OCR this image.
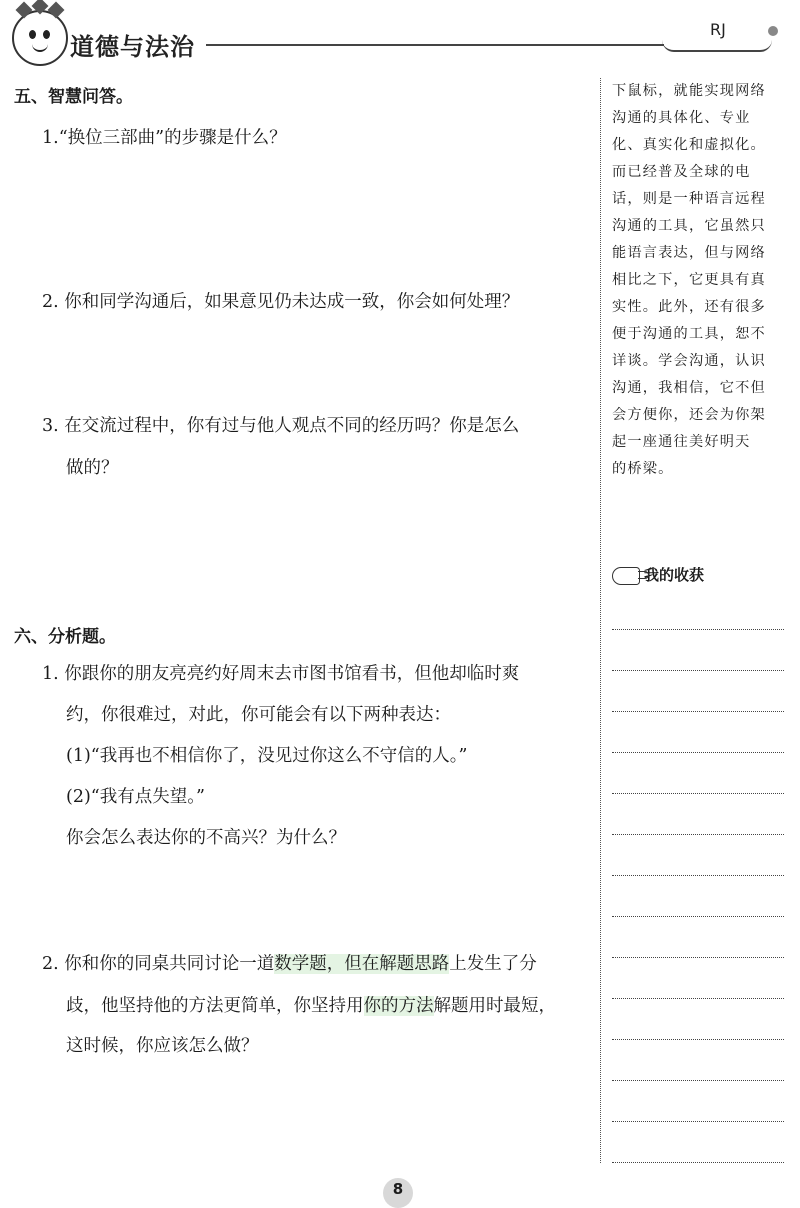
道德与法治
RJ
五、智慧问答。
1.“换位三部曲”的步骤是什么？
2. 你和同学沟通后，如果意见仍未达成一致，你会如何处理？
3. 在交流过程中，你有过与他人观点不同的经历吗？你是怎么
做的？
六、分析题。
1. 你跟你的朋友亮亮约好周末去市图书馆看书，但他却临时爽
约，你很难过，对此，你可能会有以下两种表达：
(1)“我再也不相信你了，没见过你这么不守信的人。”
(2)“我有点失望。”
你会怎么表达你的不高兴？为什么？
2. 你和你的同桌共同讨论一道数学题，但在解题思路上发生了分
歧，他坚持他的方法更简单，你坚持用你的方法解题用时最短，
这时候，你应该怎么做？
下鼠标，就能实现网络
沟通的具体化、专业
化、真实化和虚拟化。
而已经普及全球的电
话，则是一种语言远程
沟通的工具，它虽然只
能语言表达，但与网络
相比之下，它更具有真
实性。此外，还有很多
便于沟通的工具，恕不
详谈。学会沟通，认识
沟通，我相信，它不但
会方便你，还会为你架
起一座通往美好明天
的桥梁。
我的收获
8
